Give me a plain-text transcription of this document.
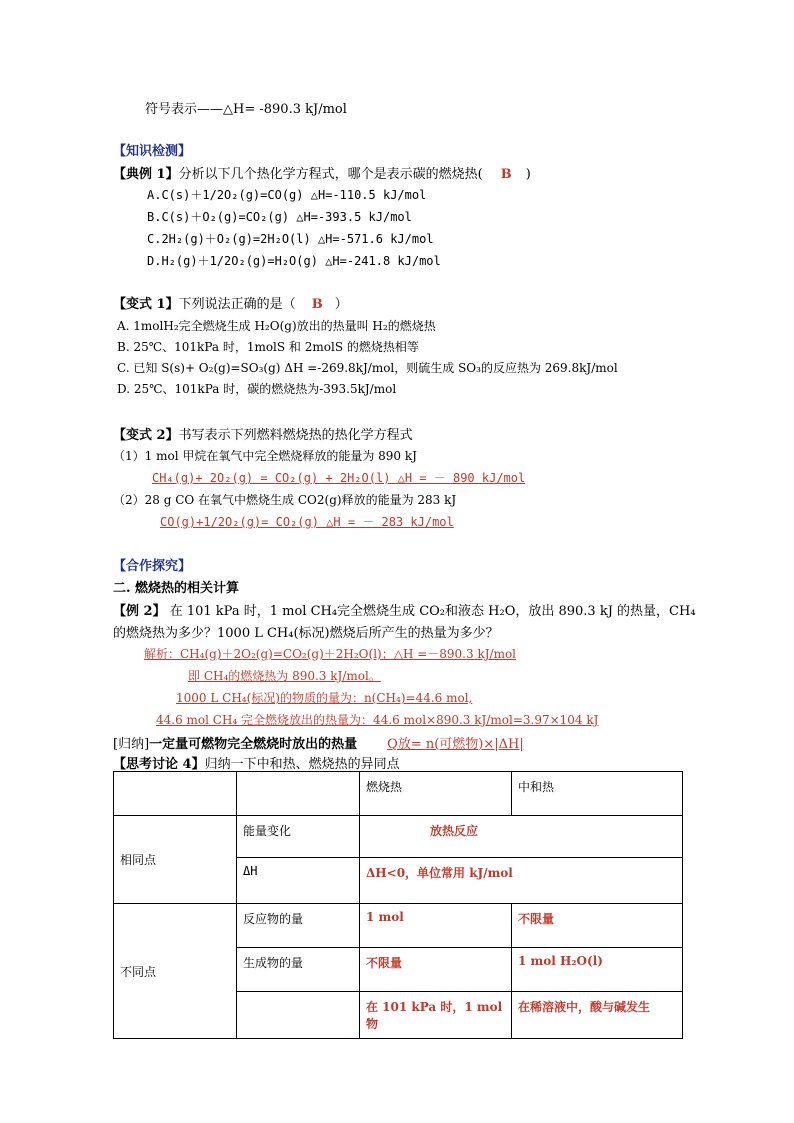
符号表示——△H= -890.3 kJ/mol
【知识检测】
【典例 1】分析以下几个热化学方程式，哪个是表示碳的燃烧热( B )
A.C(s)＋1/2O₂(g)=CO(g) △H=-110.5 kJ/mol
B.C(s)＋O₂(g)=CO₂(g) △H=-393.5 kJ/mol
C.2H₂(g)＋O₂(g)=2H₂O(l) △H=-571.6 kJ/mol
D.H₂(g)＋1/2O₂(g)=H₂O(g) △H=-241.8 kJ/mol
【变式 1】下列说法正确的是（ B ）
A. 1molH₂完全燃烧生成 H₂O(g)放出的热量叫 H₂的燃烧热
B. 25℃、101kPa 时，1molS 和 2molS 的燃烧热相等
C. 已知 S(s)+ O₂(g)=SO₃(g) ΔH =-269.8kJ/mol，则硫生成 SO₃的反应热为 269.8kJ/mol
D. 25℃、101kPa 时，碳的燃烧热为-393.5kJ/mol
【变式 2】书写表示下列燃料燃烧热的热化学方程式
（1）1 mol 甲烷在氧气中完全燃烧释放的能量为 890 kJ
CH₄(g)+ 2O₂(g) = CO₂(g) + 2H₂O(l) △H = － 890 kJ/mol
（2）28 g CO 在氧气中燃烧生成 CO2(g)释放的能量为 283 kJ
CO(g)+1/2O₂(g)= CO₂(g) △H = － 283 kJ/mol
【合作探究】
二. 燃烧热的相关计算
【例 2】 在 101 kPa 时，1 mol CH₄完全燃烧生成 CO₂和液态 H₂O，放出 890.3 kJ 的热量，CH₄
的燃烧热为多少？1000 L CH₄(标况)燃烧后所产生的热量为多少？
解析：CH₄(g)＋2O₂(g)=CO₂(g)＋2H₂O(l)；△H =－890.3 kJ/mol
即 CH₄的燃烧热为 890.3 kJ/mol。
1000 L CH₄(标况)的物质的量为：n(CH₄)=44.6 mol,
44.6 mol CH₄ 完全燃烧放出的热量为：44.6 mol×890.3 kJ/mol=3.97×104 kJ
[归纳]一定量可燃物完全燃烧时放出的热量 Q放= n(可燃物)×|ΔH|
【思考讨论 4】归纳一下中和热、燃烧热的异同点
		燃烧热	中和热
相同点	能量变化	放热反应	
	ΔH	ΔH<0，单位常用 kJ/mol	
不同点	反应物的量	1 mol	不限量
	生成物的量	不限量	1 mol H₂O(l)
		在 101 kPa 时，1 mol 物	在稀溶液中，酸与碱发生
